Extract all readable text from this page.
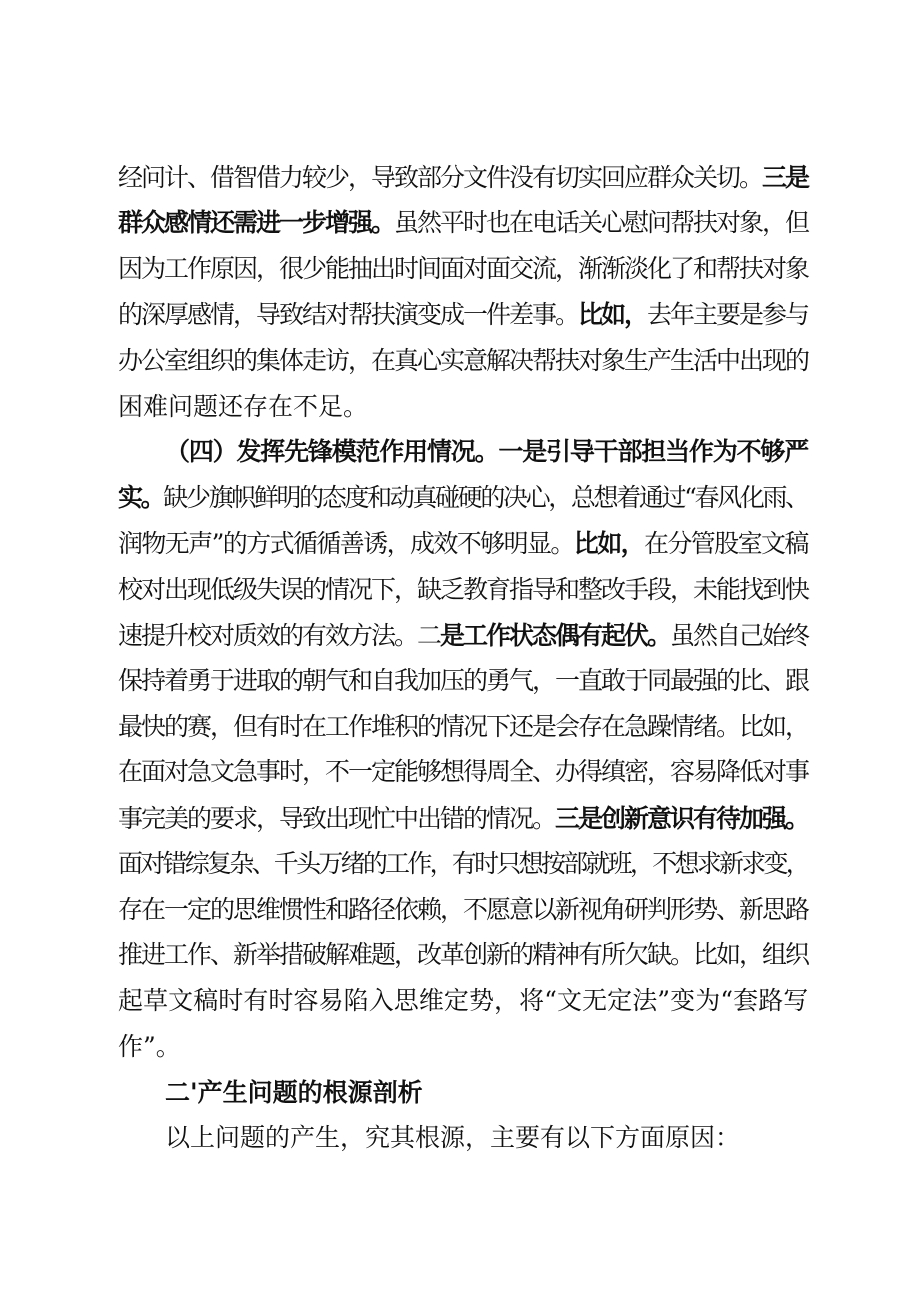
经问计、借智借力较少，导致部分文件没有切实回应群众关切。 三是
群众感情还需进一步增强。 虽然平时也在电话关心慰问帮扶对象，但
因为工作原因，很少能抽出时间面对面交流，渐渐淡化了和帮扶对象
的深厚感情，导致结对帮扶演变成一件差事。 比如， 去年主要是参与
办公室组织的集体走访，在真心实意解决帮扶对象生产生活中出现的
困难问题还存在不足。
（四）发挥先锋模范作用情况。一是引导干部担当作为不够严
实。 缺少旗帜鲜明的态度和动真碰硬的决心，总想着通过“春风化雨、
润物无声”的方式循循善诱，成效不够明显。 比如， 在分管股室文稿
校对出现低级失误的情况下，缺乏教育指导和整改手段，未能找到快
速提升校对质效的有效方法。二 是工作状态偶有起伏。 虽然自己始终
保持着勇于进取的朝气和自我加压的勇气，一直敢于同最强的比、跟
最快的赛，但有时在工作堆积的情况下还是会存在急躁情绪。比如，
在面对急文急事时，不一定能够想得周全、办得缜密，容易降低对事
事完美的要求，导致出现忙中出错的情况。 三是创新意识有待加强。
面对错综复杂、千头万绪的工作，有时只想按部就班，不想求新求变，
存在一定的思维惯性和路径依赖，不愿意以新视角研判形势、新思路
推进工作、新举措破解难题，改革创新的精神有所欠缺。比如，组织
起草文稿时有时容易陷入思维定势，将“文无定法”变为“套路写
作”。
二'产生问题的根源剖析
以上问题的产生，究其根源，主要有以下方面原因：
